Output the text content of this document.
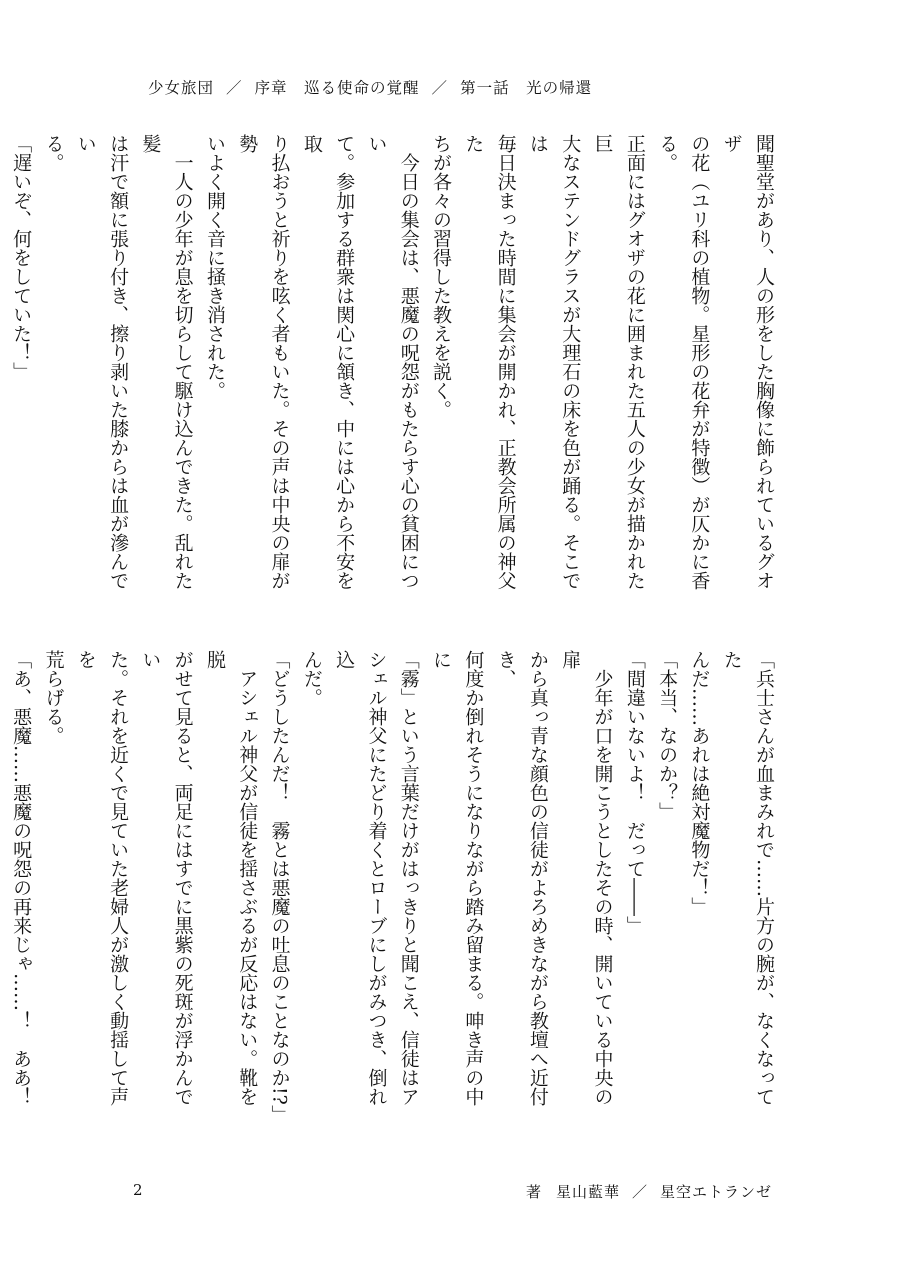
少女旅団 ／ 序章　巡る使命の覚醒 ／ 第一話　光の帰還

聞聖堂があり、人の形をした胸像に飾られているグオザ

の花（ユリ科の植物。星形の花弁が特徴）が仄かに香る。

正面にはグオザの花に囲まれた五人の少女が描かれた巨

大なステンドグラスが大理石の床を色が踊る。そこでは

毎日決まった時間に集会が開かれ、正教会所属の神父た

ちが各々の習得した教えを説く。

　今日の集会は、悪魔の呪怨がもたらす心の貧困につい

て。参加する群衆は関心に頷き、中には心から不安を取

り払おうと祈りを呟く者もいた。その声は中央の扉が勢

いよく開く音に掻き消された。

　一人の少年が息を切らして駆け込んできた。乱れた髪

は汗で額に張り付き、擦り剥いた膝からは血が滲んでい

る。

「遅いぞ、何をしていた！」

「兵士さんが血まみれで……片方の腕が、なくなってた

んだ……あれは絶対魔物だ！」

「本当、なのか？」

「間違いないよ！　だって――」

　少年が口を開こうとしたその時、開いている中央の扉

から真っ青な顔色の信徒がよろめきながら教壇へ近付き、

何度か倒れそうになりながら踏み留まる。呻き声の中に

「霧」という言葉だけがはっきりと聞こえ、信徒はア

シェル神父にたどり着くとローブにしがみつき、倒れ込

んだ。

「どうしたんだ！　霧とは悪魔の吐息のことなのか!?」

　アシェル神父が信徒を揺さぶるが反応はない。靴を脱

がせて見ると、両足にはすでに黒紫の死斑が浮かんでい

た。それを近くで見ていた老婦人が激しく動揺して声を

荒らげる。

「あ、悪魔……悪魔の呪怨の再来じゃ……！　ああ！

2	著 星山藍華 ／ 星空エトランゼ
